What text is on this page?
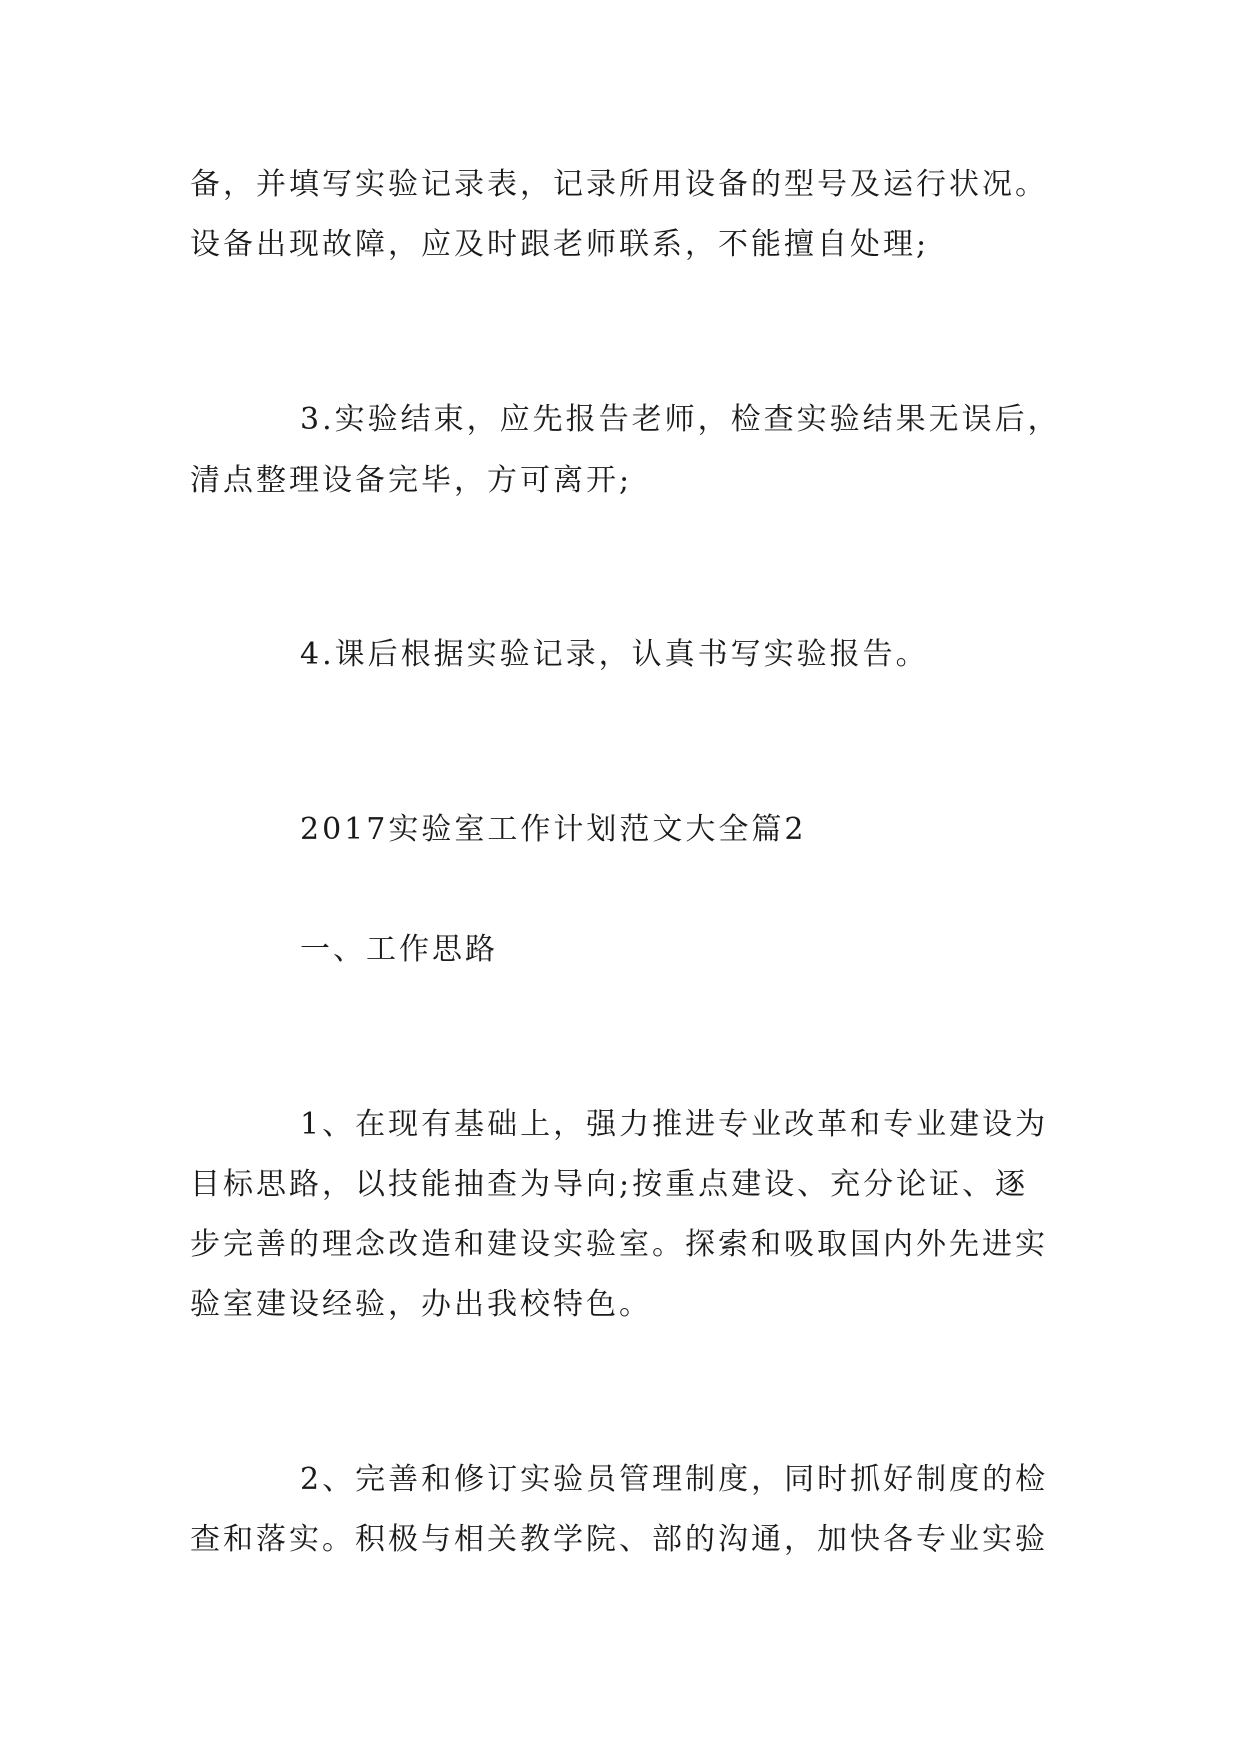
备，并填写实验记录表，记录所用设备的型号及运行状况。

设备出现故障，应及时跟老师联系，不能擅自处理;

3.实验结束，应先报告老师，检查实验结果无误后，

清点整理设备完毕，方可离开;

4.课后根据实验记录，认真书写实验报告。

2017实验室工作计划范文大全篇2

一、工作思路

1、在现有基础上，强力推进专业改革和专业建设为

目标思路，以技能抽查为导向;按重点建设、充分论证、逐

步完善的理念改造和建设实验室。探索和吸取国内外先进实

验室建设经验，办出我校特色。

2、完善和修订实验员管理制度，同时抓好制度的检

查和落实。积极与相关教学院、部的沟通，加快各专业实验
